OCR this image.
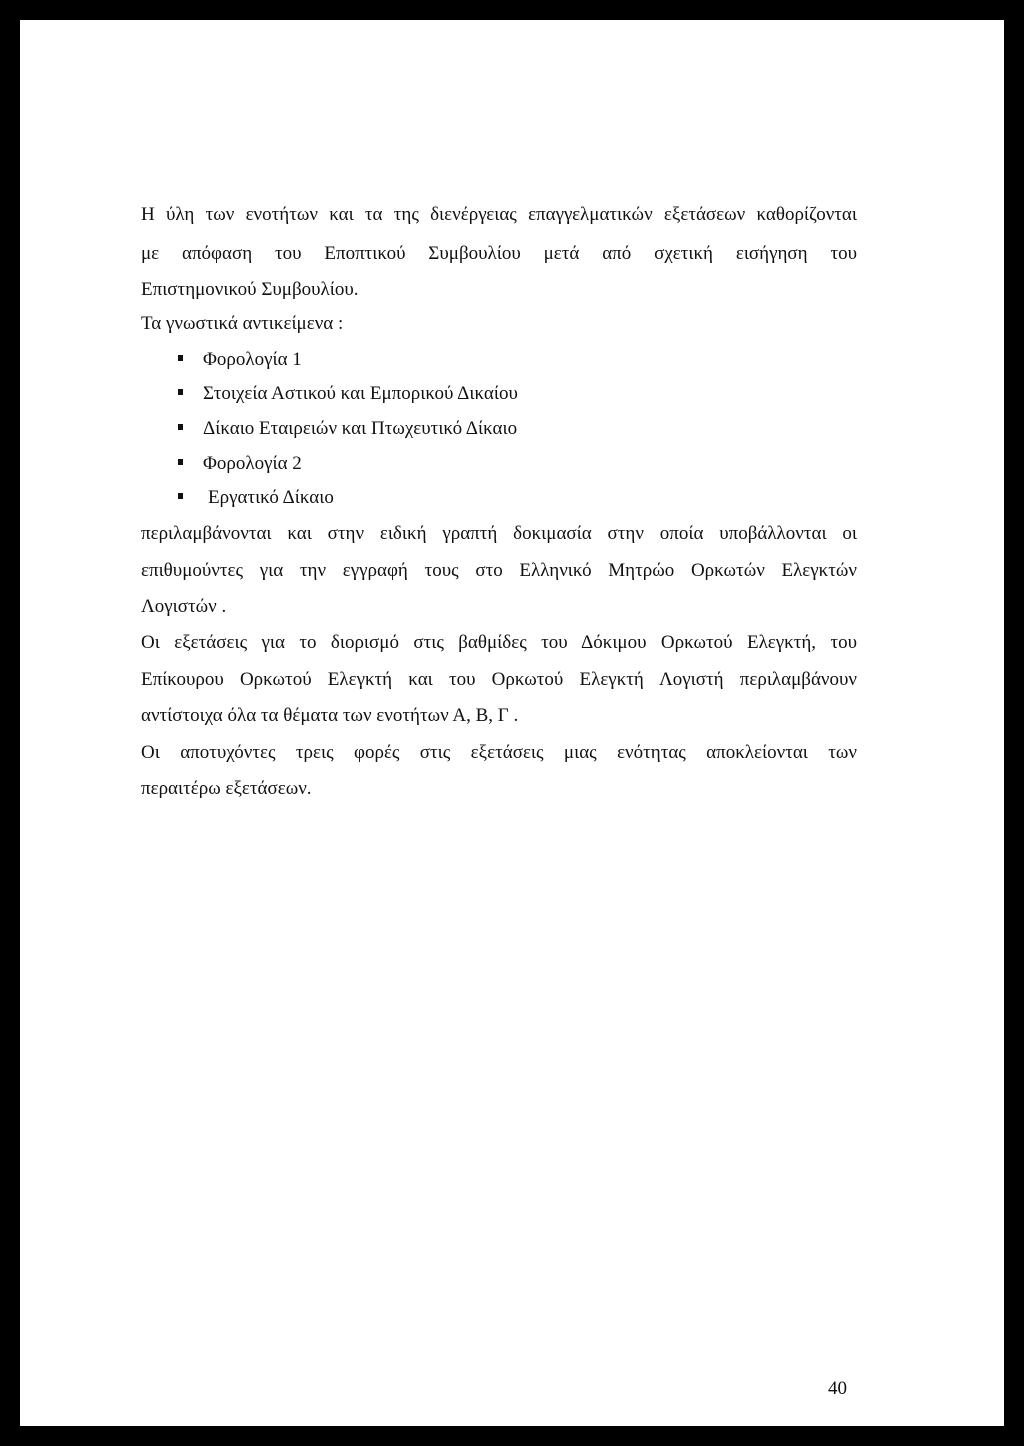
Η ύλη των ενοτήτων και τα της διενέργειας επαγγελματικών εξετάσεων καθορίζονται
με απόφαση του Εποπτικού Συμβουλίου μετά από σχετική εισήγηση του
Επιστημονικού Συμβουλίου.
Τα γνωστικά αντικείμενα :
Φορολογία 1
Στοιχεία Αστικού και Εμπορικού Δικαίου
Δίκαιο Εταιρειών και Πτωχευτικό Δίκαιο
Φορολογία 2
Εργατικό Δίκαιο
περιλαμβάνονται και στην ειδική γραπτή δοκιμασία στην οποία υποβάλλονται οι
επιθυμούντες για την εγγραφή τους στο Ελληνικό Μητρώο Ορκωτών Ελεγκτών
Λογιστών .
Οι εξετάσεις για το διορισμό στις βαθμίδες του Δόκιμου Ορκωτού Ελεγκτή, του
Επίκουρου Ορκωτού Ελεγκτή και του Ορκωτού Ελεγκτή Λογιστή περιλαμβάνουν
αντίστοιχα όλα τα θέματα των ενοτήτων Α, Β, Γ .
Οι αποτυχόντες τρεις φορές στις εξετάσεις μιας ενότητας αποκλείονται των
περαιτέρω εξετάσεων.
40
